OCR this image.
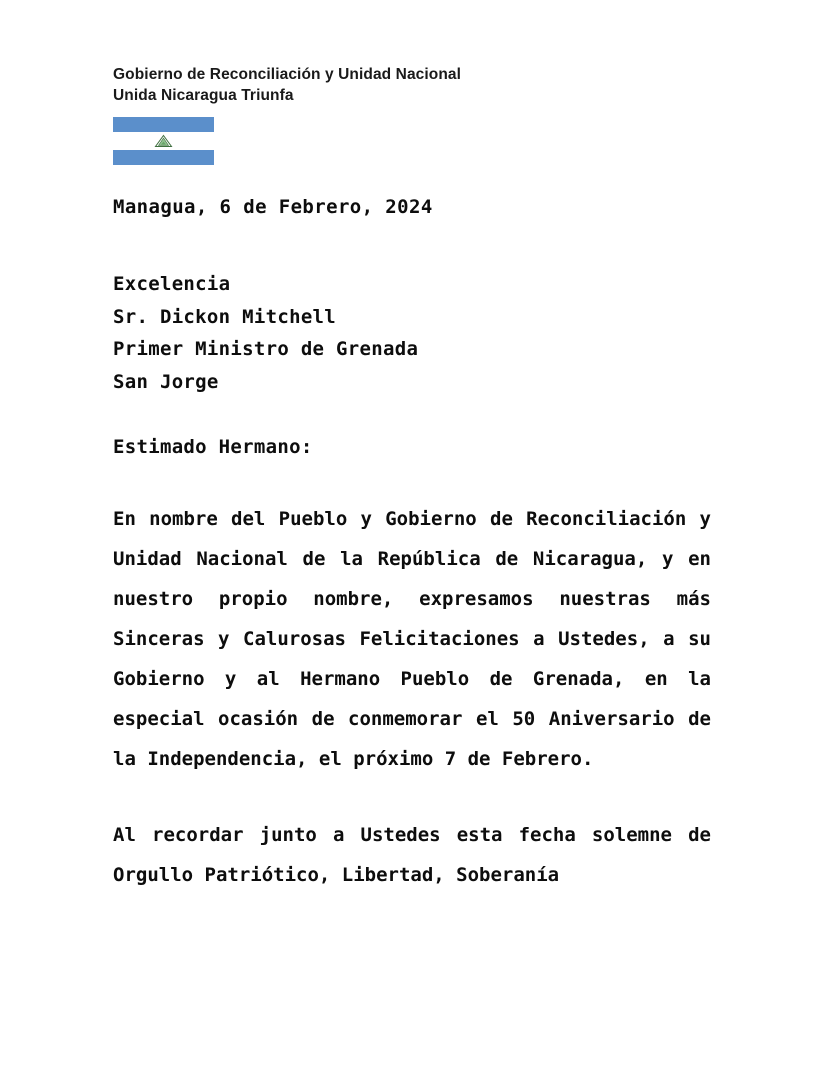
Gobierno de Reconciliación y Unidad Nacional
Unida Nicaragua Triunfa
Managua, 6 de Febrero, 2024
Excelencia
Sr. Dickon Mitchell
Primer Ministro de Grenada
San Jorge
Estimado Hermano:

En nombre del Pueblo y Gobierno de Reconciliación y Unidad Nacional de la República de Nicaragua, y en nuestro propio nombre, expresamos nuestras más Sinceras y Calurosas Felicitaciones a Ustedes, a su Gobierno y al Hermano Pueblo de Grenada, en la especial ocasión de conmemorar el 50 Aniversario de la Independencia, el próximo 7 de Febrero.

Al recordar junto a Ustedes esta fecha solemne de Orgullo Patriótico, Libertad, Soberanía
